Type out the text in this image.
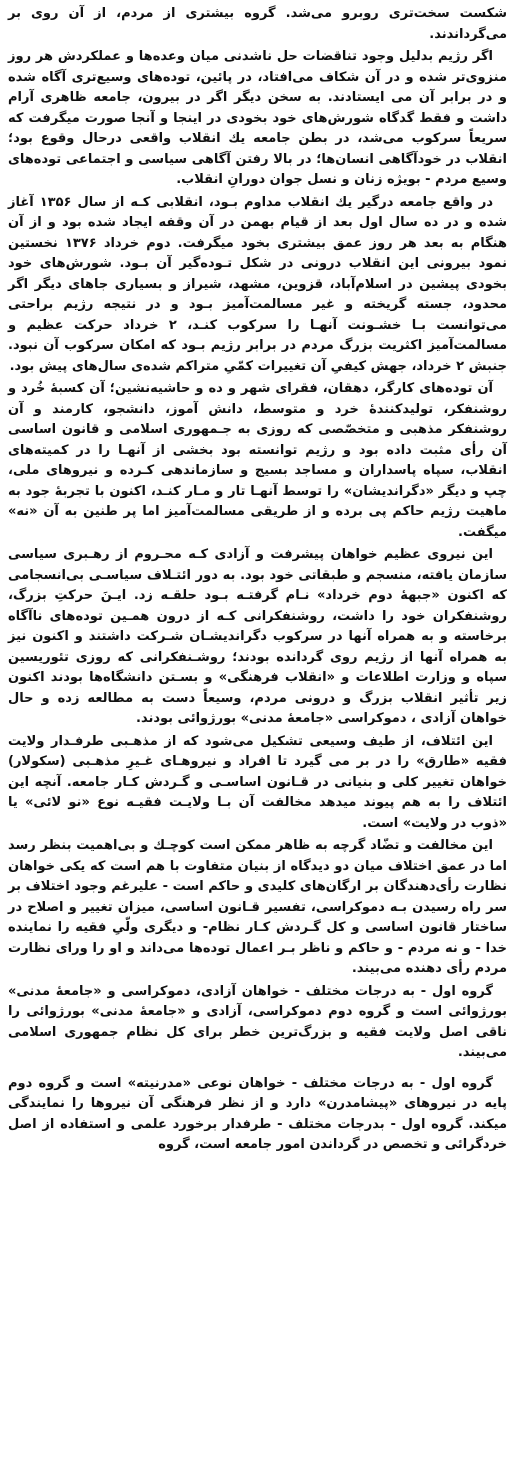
شکست سخت‌تری روبرو می‌شد. گروه بیشتری از مردم، از آن روی بر می‌گرداندند.

اگر رژیم بدلیل وجود تناقضات حل ناشدنی میان وعده‌ها و عملکردش هر روز منزوی‌تر شده و در آن شکاف می‌افتاد، در پائین، توده‌های وسیع‌تری آگاه شده و در برابر آن می ایستادند. به سخن دیگر اگر در بیرون، جامعه ظاهری آرام داشت و فقط گدگاه شورش‌های خود بخودی در اینجا و آنجا صورت میگرفت که سریعاً سرکوب می‌شد، در بطن جامعه یك انقلاب واقعی درحال وقوع بود؛ انقلاب در خودآگاهی انسان‌ها؛ در بالا رفتن آگاهی سیاسی و اجتماعی توده‌های وسیع مردم - بویژه زنان و نسل جوان دورانِ انقلاب.

در واقع جامعه درگیر یك انقلاب مداوم بـود، انقلابی کـه از سال ۱۳۵۶ آغاز شده و در ده سال اول بعد از قیام بهمن در آن وقفه ایجاد شده بود و از آن هنگام به بعد هر روز عمق بیشتری بخود میگرفت. دوم خرداد ۱۳۷۶ نخستین نمود بیرونی این انقلاب درونی در شکل تـوده‌گیر آن بـود. شورش‌های خود بخودی پیشین در اسلام‌آباد، قزوین، مشهد، شیراز و بسیاری جاهای دیگر اگر محدود، جسته گریخته و غیر مسالمت‌آمیز بـود و در نتیجه رژیم براحتی می‌توانست بـا خشـونت آنهـا را سرکوب کنـد، ۲ خرداد حرکت عظیم و مسالمت‌آمیز اکثریت بزرگ مردم در برابر رژیم بـود که امکان سرکوب آن نبود. جنبش ۲ خرداد، جهش کیفیِ آن تغییرات کمّیِ متراکم شده‌ی سال‌های پیش بود.

آن توده‌های کارگر، دهقان، فقرای شهر و ده و حاشیه‌نشین؛ آن کسبه‌ٔ خُرد و روشنفکر، تولیدکنندهٔ خرد و متوسط، دانش آموز، دانشجو، کارمند و آن روشنفکر مذهبی و متخصّصی که روزی به جـمهوری اسلامی و قانون اساسی آن رأی مثبت داده بود و رژیم توانسته بود بخشی از آنهـا را در کمیته‌های انقلاب، سپاه پاسداران و مساجد بسیج و سازماندهی کـرده و نیروهای ملی، چپ و دیگر «دگراندیشان» را توسط آنهـا تار و مـار کنـد، اکنون با تجربهٔ جود به ماهیت رژیم حاکم پی برده و از طریقی مسالمت‌آمیز اما پر طنین به آن «نه» میگفت.

این نیروی عظیم خواهان پیشرفت و آزادی کـه محـروم از رهـبری سیاسی سازمان یافته، منسجم و طبقاتی خود بود. به دور ائتـلاف سیاسـی بی‌انسجامی که اکنون «جبههٔ دوم خرداد» نـام گرفتـه بـود حلقـه زد. ایـنَ حرکتِ بزرگ، روشنفکران خود را داشت، روشنفکرانی کـه از درون همـین توده‌های ناآگاه برخاسته و به همراه آنها در سرکوب دگراندیشـان شـرکت داشتند و اکنون نیز به همراه آنها از رژیم روی گردانده بودند؛ روشـنفکرانی که روزی تئوریسین سپاه و وزارت اطلاعات و «انقلاب فرهنگی» و بسـتن دانشگاه‌ها بودند اکنون زیر تأثیر انقلاب بزرگ و درونی مردم، وسیعاً دست به مطالعه زده و حال خواهان آزادی ، دموکراسی «جامعهٔ مدنی» بورژوائی بودند.

این ائتلاف، از طیف وسیعی تشکیل می‌شود که از مذهـبی طرفـدار ولایت فقیه «طارق» را در بر می گیرد تا افراد و نیروهـای غـیرِ مذهـبی (سکولار) خواهان تغییر کلی و بنیانی در قـانون اساسـی و گـردش کـار جامعه. آنچه این ائتلاف را به هم پیوند میدهد مخالفت آن بـا ولایـت فقیـه نوع «نو لائی» یا «ذوب در ولایت» است.

این مخالفت و تضّاد گرچه به ظاهر ممکن است کوچـك و بی‌اهمیت بنظر رسد اما در عمق اختلاف میان دو دیدگاه از بنیان متفاوت با هم است که یکی خواهان نظارت رأی‌دهندگان بر ارگان‌های کلیدی و حاکم است - علیرغم وجود اختلاف بر سر راه رسیدن بـه دموکراسی، تفسیر قـانون اساسی، میزان تغییر و اصلاح در ساختار قانون اساسی و کل گـردش کـار نظام- و دیگری ولّیِ فقیه را نماینده خدا - و نه مردم - و حاکم و ناظر بـر اعمال توده‌ها می‌داند و او را ورای نظارت مردم رأی دهنده می‌بیند.

گروه اول - به درجات مختلف - خواهان آزادی، دموکراسی و «جامعهٔ مدنی» بورژوائی است و گروه دوم دموکراسی، آزادی و «جامعهٔ مدنی» بورژوائی را ناقی اصل ولایت فقیه و بزرگ‌ترین خطر برای کل نظام جمهوری اسلامی می‌بیند.

گروه اول - به درجات مختلف - خواهان نوعی «مدرنیته» است و گروه دوم پایه در نیروهای «پیشامدرن» دارد و از نظر فرهنگی آن نیروها را نمایندگی میکند. گروه اول - بدرجات مختلف - طرفدار برخورد علمی و استفاده از اصل خردگرائی و تخصص در گرداندن امور جامعه است، گروه
